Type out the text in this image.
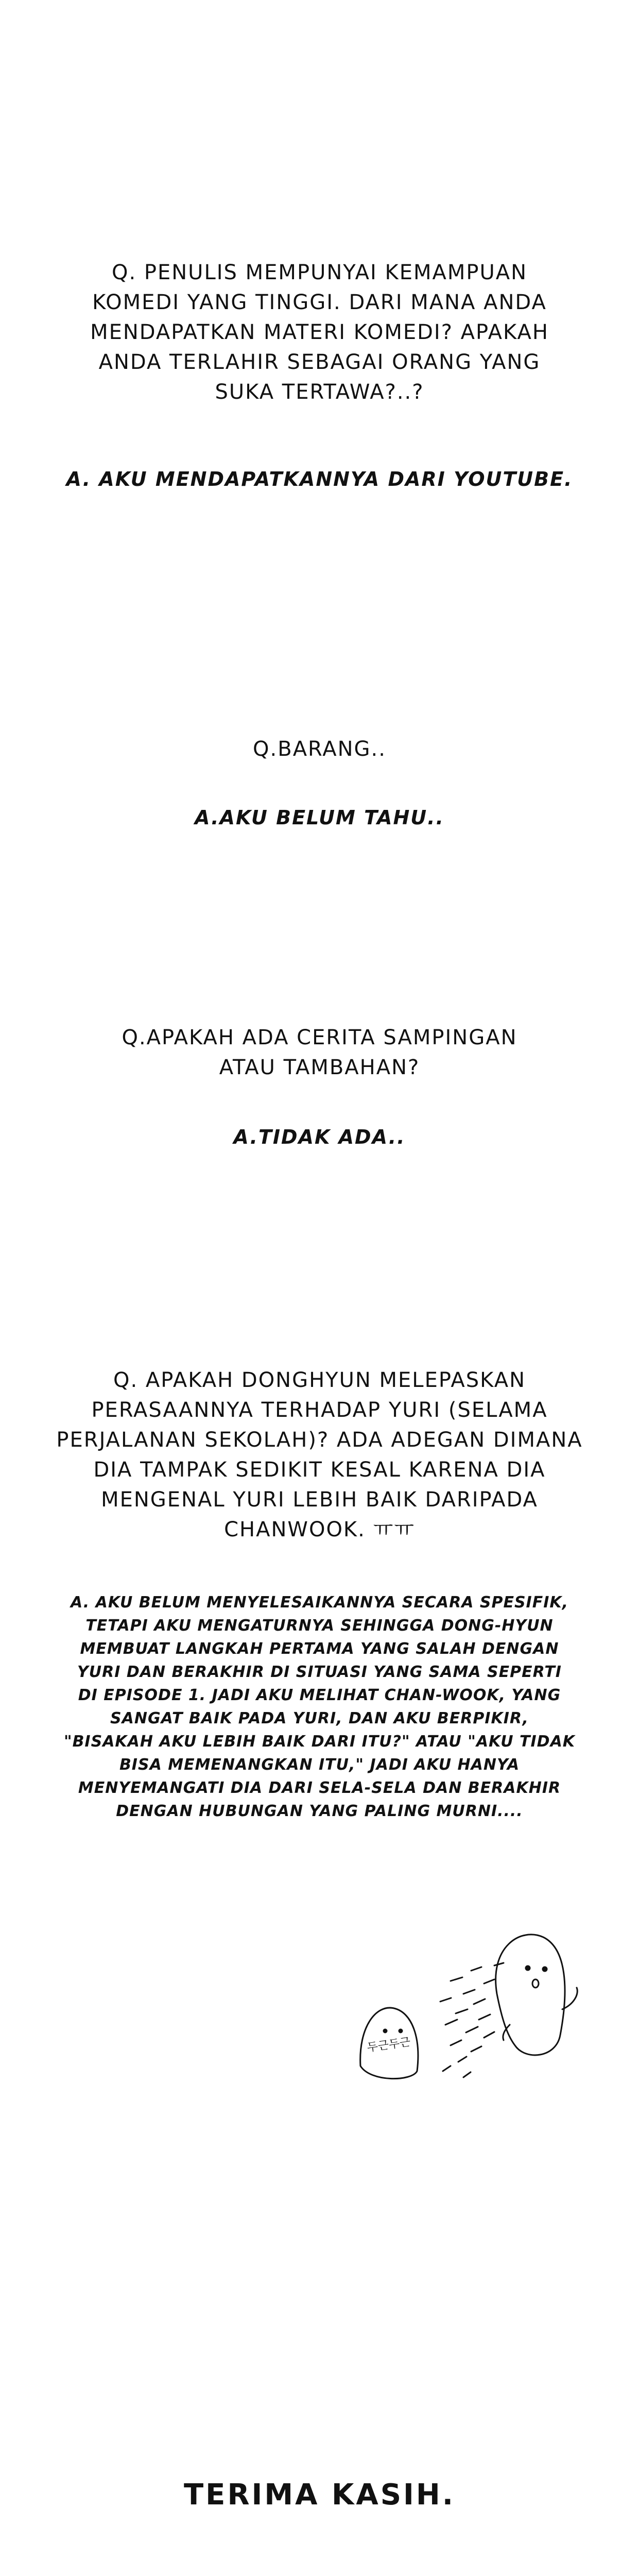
Q. PENULIS MEMPUNYAI KEMAMPUAN
KOMEDI YANG TINGGI. DARI MANA ANDA
MENDAPATKAN MATERI KOMEDI? APAKAH
ANDA TERLAHIR SEBAGAI ORANG YANG
SUKA TERTAWA?..?
A. AKU MENDAPATKANNYA DARI YOUTUBE.
Q.BARANG..
A.AKU BELUM TAHU..
Q.APAKAH ADA CERITA SAMPINGAN
ATAU TAMBAHAN?
A.TIDAK ADA..
Q. APAKAH DONGHYUN MELEPASKAN
PERASAANNYA TERHADAP YURI (SELAMA
PERJALANAN SEKOLAH)? ADA ADEGAN DIMANA
DIA TAMPAK SEDIKIT KESAL KARENA DIA
MENGENAL YURI LEBIH BAIK DARIPADA
CHANWOOK. ㅠㅠ
A. AKU BELUM MENYELESAIKANNYA SECARA SPESIFIK,
TETAPI AKU MENGATURNYA SEHINGGA DONG-HYUN
MEMBUAT LANGKAH PERTAMA YANG SALAH DENGAN
YURI DAN BERAKHIR DI SITUASI YANG SAMA SEPERTI
DI EPISODE 1. JADI AKU MELIHAT CHAN-WOOK, YANG
SANGAT BAIK PADA YURI, DAN AKU BERPIKIR,
"BISAKAH AKU LEBIH BAIK DARI ITU?" ATAU "AKU TIDAK
BISA MEMENANGKAN ITU," JADI AKU HANYA
MENYEMANGATI DIA DARI SELA-SELA DAN BERAKHIR
DENGAN HUBUNGAN YANG PALING MURNI....
두근두근
TERIMA KASIH.
